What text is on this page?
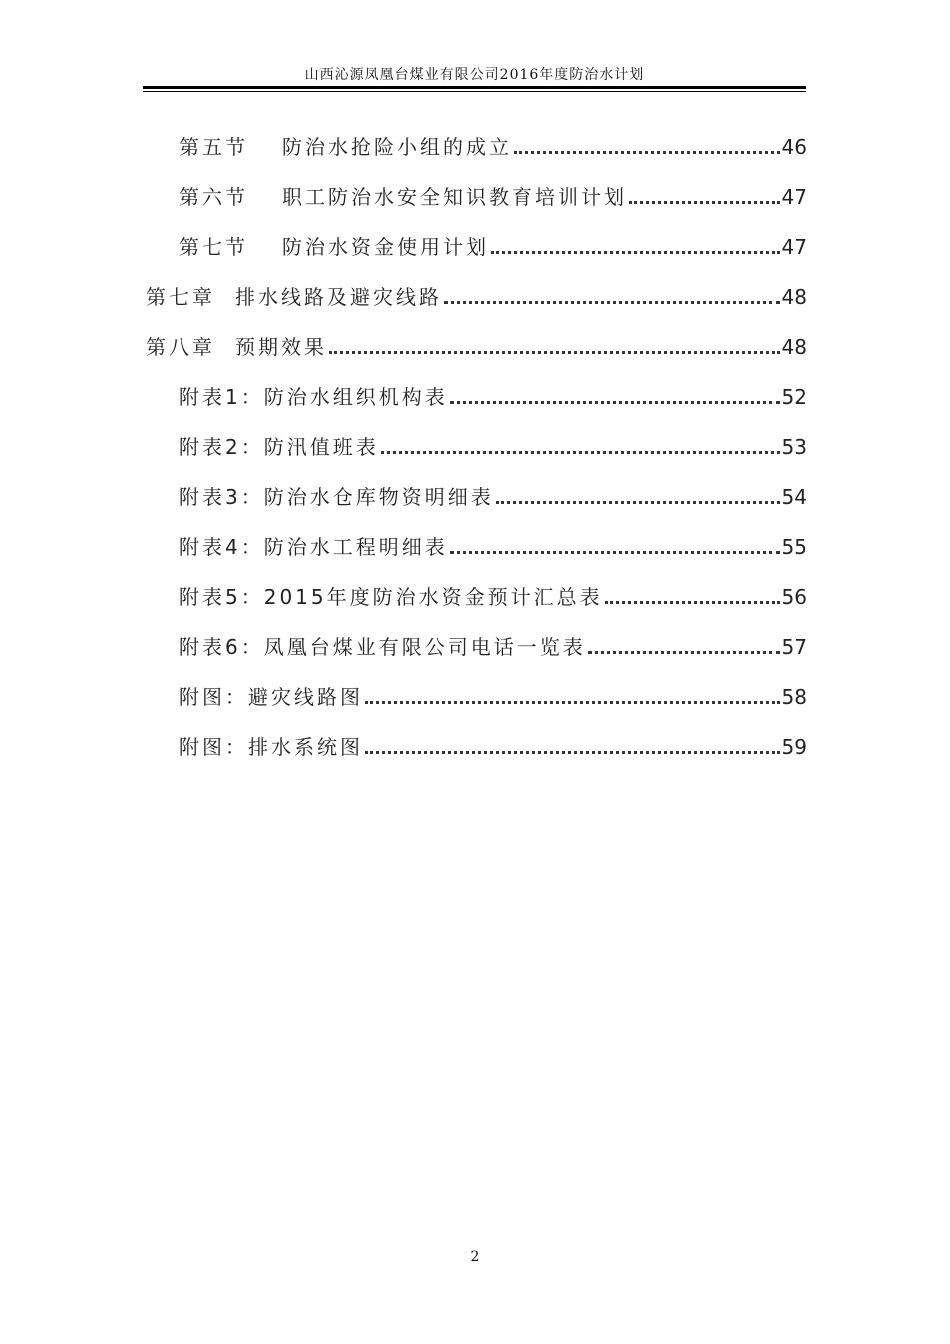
山西沁源凤凰台煤业有限公司2016年度防治水计划
第五节 防治水抢险小组的成立	46
第六节 职工防治水安全知识教育培训计划	47
第七节 防治水资金使用计划	47
第七章 排水线路及避灾线路	48
第八章 预期效果	48
附表1：防治水组织机构表	52
附表2：防汛值班表	53
附表3：防治水仓库物资明细表	54
附表4：防治水工程明细表	55
附表5：2015年度防治水资金预计汇总表	56
附表6：凤凰台煤业有限公司电话一览表	57
附图：避灾线路图	58
附图：排水系统图	59
2
